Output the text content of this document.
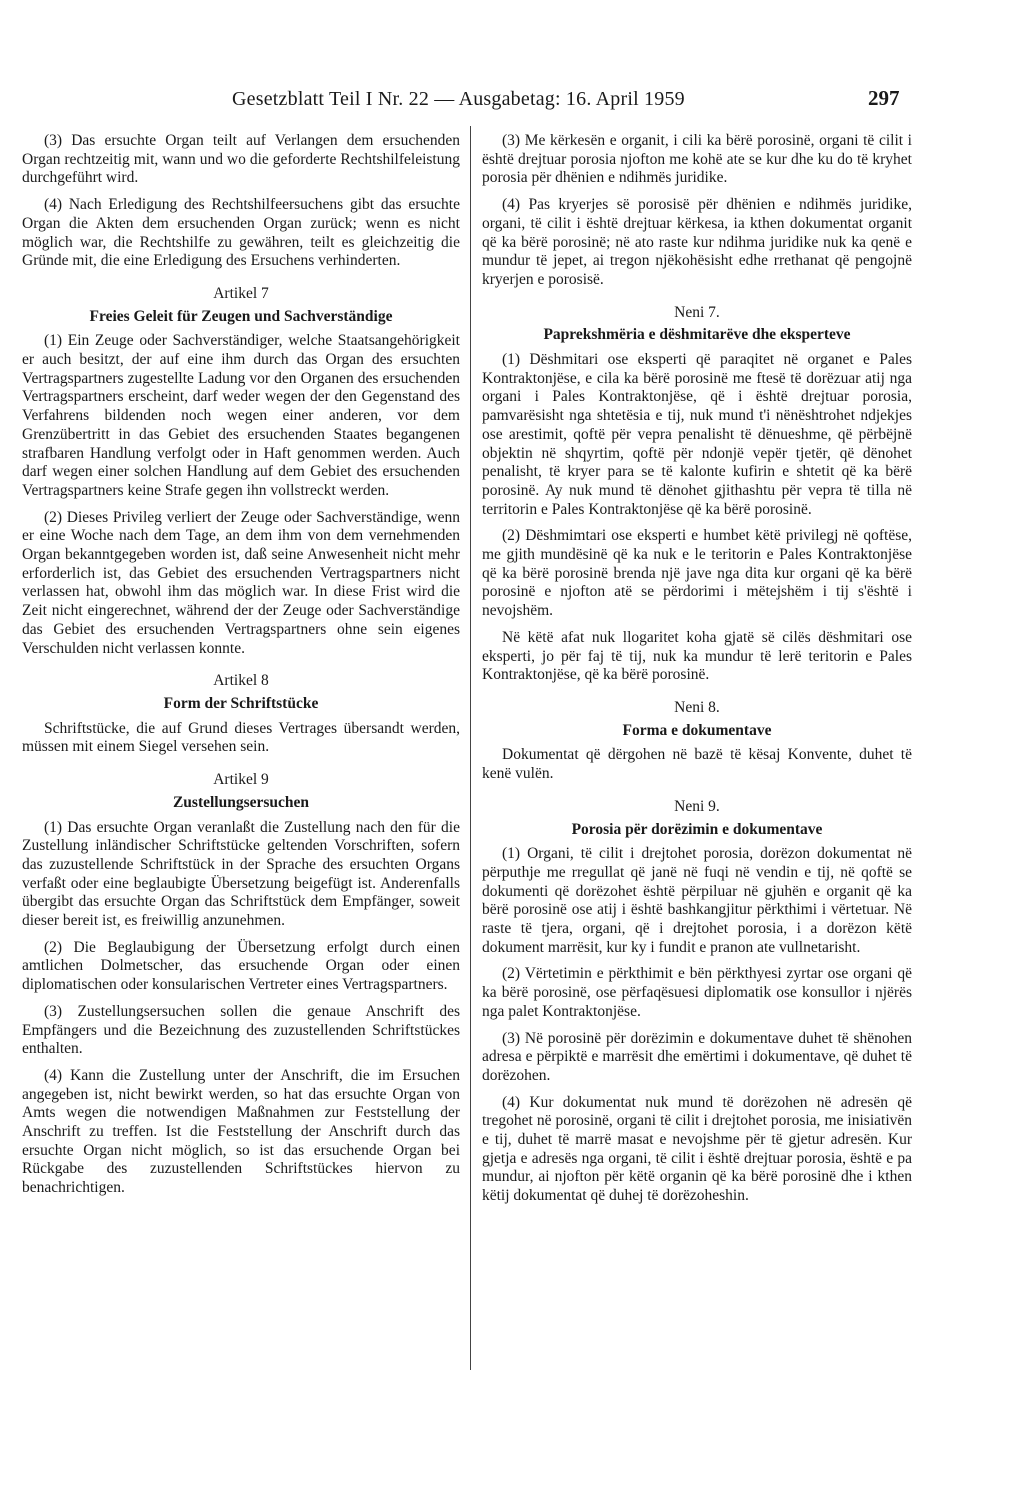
Gesetzblatt Teil I Nr. 22 — Ausgabetag: 16. April 1959	297

(3) Das ersuchte Organ teilt auf Verlangen dem ersuchenden Organ rechtzeitig mit, wann und wo die geforderte Rechtshilfeleistung durchgeführt wird.

(4) Nach Erledigung des Rechtshilfeersuchens gibt das ersuchte Organ die Akten dem ersuchenden Organ zurück; wenn es nicht möglich war, die Rechtshilfe zu gewähren, teilt es gleichzeitig die Gründe mit, die eine Erledigung des Ersuchens verhinderten.

Artikel 7
Freies Geleit für Zeugen und Sachverständige

(1) Ein Zeuge oder Sachverständiger, welche Staatsangehörigkeit er auch besitzt, der auf eine ihm durch das Organ des ersuchten Vertragspartners zugestellte Ladung vor den Organen des ersuchenden Vertragspartners erscheint, darf weder wegen der den Gegenstand des Verfahrens bildenden noch wegen einer anderen, vor dem Grenzübertritt in das Gebiet des ersuchenden Staates begangenen strafbaren Handlung verfolgt oder in Haft genommen werden. Auch darf wegen einer solchen Handlung auf dem Gebiet des ersuchenden Vertragspartners keine Strafe gegen ihn vollstreckt werden.

(2) Dieses Privileg verliert der Zeuge oder Sachverständige, wenn er eine Woche nach dem Tage, an dem ihm von dem vernehmenden Organ bekanntgegeben worden ist, daß seine Anwesenheit nicht mehr erforderlich ist, das Gebiet des ersuchenden Vertragspartners nicht verlassen hat, obwohl ihm das möglich war. In diese Frist wird die Zeit nicht eingerechnet, während der der Zeuge oder Sachverständige das Gebiet des ersuchenden Vertragspartners ohne sein eigenes Verschulden nicht verlassen konnte.

Artikel 8
Form der Schriftstücke

Schriftstücke, die auf Grund dieses Vertrages übersandt werden, müssen mit einem Siegel versehen sein.

Artikel 9
Zustellungsersuchen

(1) Das ersuchte Organ veranlaßt die Zustellung nach den für die Zustellung inländischer Schriftstücke geltenden Vorschriften, sofern das zuzustellende Schriftstück in der Sprache des ersuchten Organs verfaßt oder eine beglaubigte Übersetzung beigefügt ist. Anderenfalls übergibt das ersuchte Organ das Schriftstück dem Empfänger, soweit dieser bereit ist, es freiwillig anzunehmen.

(2) Die Beglaubigung der Übersetzung erfolgt durch einen amtlichen Dolmetscher, das ersuchende Organ oder einen diplomatischen oder konsularischen Vertreter eines Vertragspartners.

(3) Zustellungsersuchen sollen die genaue Anschrift des Empfängers und die Bezeichnung des zuzustellenden Schriftstückes enthalten.

(4) Kann die Zustellung unter der Anschrift, die im Ersuchen angegeben ist, nicht bewirkt werden, so hat das ersuchte Organ von Amts wegen die notwendigen Maßnahmen zur Feststellung der Anschrift zu treffen. Ist die Feststellung der Anschrift durch das ersuchte Organ nicht möglich, so ist das ersuchende Organ bei Rückgabe des zuzustellenden Schriftstückes hiervon zu benachrichtigen.

(3) Me kërkesën e organit, i cili ka bërë porosinë, organi të cilit i është drejtuar porosia njofton me kohë ate se kur dhe ku do të kryhet porosia për dhënien e ndihmës juridike.

(4) Pas kryerjes së porosisë për dhënien e ndihmës juridike, organi, të cilit i është drejtuar kërkesa, ia kthen dokumentat organit që ka bërë porosinë; në ato raste kur ndihma juridike nuk ka qenë e mundur të jepet, ai tregon njëkohësisht edhe rrethanat që pengojnë kryerjen e porosisë.

Neni 7.
Paprekshmëria e dëshmitarëve dhe eksperteve

(1) Dëshmitari ose eksperti që paraqitet në organet e Pales Kontraktonjëse, e cila ka bërë porosinë me ftesë të dorëzuar atij nga organi i Pales Kontraktonjëse, që i është drejtuar porosia, pamvarësisht nga shtetësia e tij, nuk mund t'i nënështrohet ndjekjes ose arestimit, qoftë për vepra penalisht të dënueshme, që përbëjnë objektin në shqyrtim, qoftë për ndonjë vepër tjetër, që dënohet penalisht, të kryer para se të kalonte kufirin e shtetit që ka bërë porosinë. Ay nuk mund të dënohet gjithashtu për vepra të tilla në territorin e Pales Kontraktonjëse që ka bërë porosinë.

(2) Dëshmimtari ose eksperti e humbet këtë privilegj në qoftëse, me gjith mundësinë që ka nuk e le teritorin e Pales Kontraktonjëse që ka bërë porosinë brenda një jave nga dita kur organi që ka bërë porosinë e njofton atë se përdorimi i mëtejshëm i tij s'është i nevojshëm.

Në këtë afat nuk llogaritet koha gjatë së cilës dëshmitari ose eksperti, jo për faj të tij, nuk ka mundur të lerë teritorin e Pales Kontraktonjëse, që ka bërë porosinë.

Neni 8.
Forma e dokumentave

Dokumentat që dërgohen në bazë të kësaj Konvente, duhet të kenë vulën.

Neni 9.
Porosia për dorëzimin e dokumentave

(1) Organi, të cilit i drejtohet porosia, dorëzon dokumentat në përputhje me rregullat që janë në fuqi në vendin e tij, në qoftë se dokumenti që dorëzohet është përpiluar në gjuhën e organit që ka bërë porosinë ose atij i është bashkangjitur përkthimi i vërtetuar. Në raste të tjera, organi, që i drejtohet porosia, i a dorëzon këtë dokument marrësit, kur ky i fundit e pranon ate vullnetarisht.

(2) Vërtetimin e përkthimit e bën përkthyesi zyrtar ose organi që ka bërë porosinë, ose përfaqësuesi diplomatik ose konsullor i njërës nga palet Kontraktonjëse.

(3) Në porosinë për dorëzimin e dokumentave duhet të shënohen adresa e përpiktë e marrësit dhe emërtimi i dokumentave, që duhet të dorëzohen.

(4) Kur dokumentat nuk mund të dorëzohen në adresën që tregohet në porosinë, organi të cilit i drejtohet porosia, me inisiativën e tij, duhet të marrë masat e nevojshme për të gjetur adresën. Kur gjetja e adresës nga organi, të cilit i është drejtuar porosia, është e pa mundur, ai njofton për këtë organin që ka bërë porosinë dhe i kthen këtij dokumentat që duhej të dorëzoheshin.
